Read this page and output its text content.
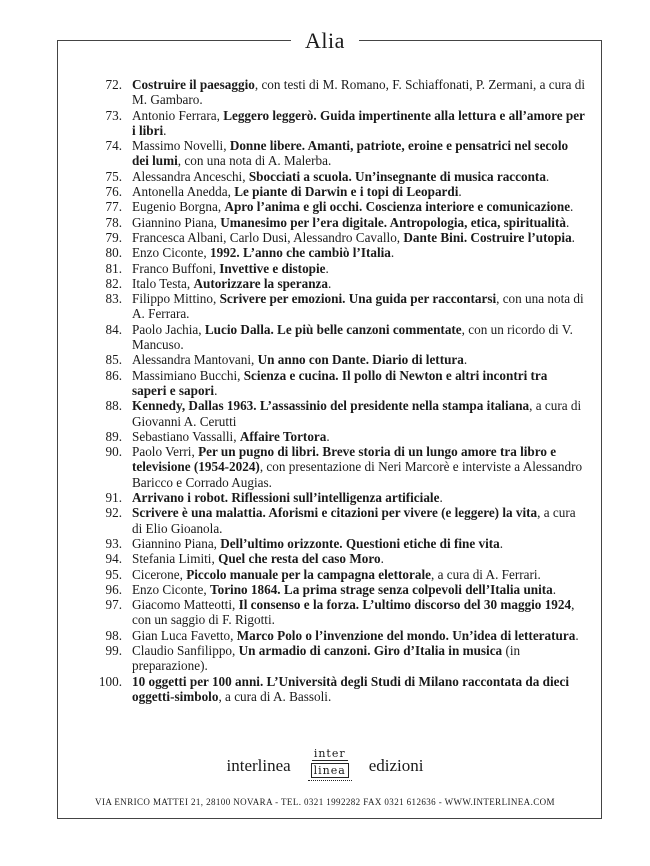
Alia
72. Costruire il paesaggio, con testi di M. Romano, F. Schiaffonati, P. Zermani, a cura di M. Gambaro.
73. Antonio Ferrara, Leggero leggerò. Guida impertinente alla lettura e all’amore per i libri.
74. Massimo Novelli, Donne libere. Amanti, patriote, eroine e pensatrici nel secolo dei lumi, con una nota di A. Malerba.
75. Alessandra Anceschi, Sbocciati a scuola. Un’insegnante di musica racconta.
76. Antonella Anedda, Le piante di Darwin e i topi di Leopardi.
77. Eugenio Borgna, Apro l’anima e gli occhi. Coscienza interiore e comunicazione.
78. Giannino Piana, Umanesimo per l’era digitale. Antropologia, etica, spiritualità.
79. Francesca Albani, Carlo Dusi, Alessandro Cavallo, Dante Bini. Costruire l’utopia.
80. Enzo Ciconte, 1992. L’anno che cambiò l’Italia.
81. Franco Buffoni, Invettive e distopie.
82. Italo Testa, Autorizzare la speranza.
83. Filippo Mittino, Scrivere per emozioni. Una guida per raccontarsi, con una nota di A. Ferrara.
84. Paolo Jachia, Lucio Dalla. Le più belle canzoni commentate, con un ricordo di V. Mancuso.
85. Alessandra Mantovani, Un anno con Dante. Diario di lettura.
86. Massimiano Bucchi, Scienza e cucina. Il pollo di Newton e altri incontri tra saperi e sapori.
88. Kennedy, Dallas 1963. L’assassinio del presidente nella stampa italiana, a cura di Giovanni A. Cerutti
89. Sebastiano Vassalli, Affaire Tortora.
90. Paolo Verri, Per un pugno di libri. Breve storia di un lungo amore tra libro e televisione (1954-2024), con presentazione di Neri Marcorè e interviste a Alessandro Baricco e Corrado Augias.
91. Arrivano i robot. Riflessioni sull’intelligenza artificiale.
92. Scrivere è una malattia. Aforismi e citazioni per vivere (e leggere) la vita, a cura di Elio Gioanola.
93. Giannino Piana, Dell’ultimo orizzonte. Questioni etiche di fine vita.
94. Stefania Limiti, Quel che resta del caso Moro.
95. Cicerone, Piccolo manuale per la campagna elettorale, a cura di A. Ferrari.
96. Enzo Ciconte, Torino 1864. La prima strage senza colpevoli dell’Italia unita.
97. Giacomo Matteotti, Il consenso e la forza. L’ultimo discorso del 30 maggio 1924, con un saggio di F. Rigotti.
98. Gian Luca Favetto, Marco Polo o l’invenzione del mondo. Un’idea di letteratura.
99. Claudio Sanfilippo, Un armadio di canzoni. Giro d’Italia in musica (in preparazione).
100. 10 oggetti per 100 anni. L’Università degli Studi di Milano raccontata da dieci oggetti-simbolo, a cura di A. Bassoli.
interlinea
inter
linea	edizioni
VIA ENRICO MATTEI 21, 28100 NOVARA - TEL. 0321 1992282 FAX 0321 612636 - WWW.INTERLINEA.COM
